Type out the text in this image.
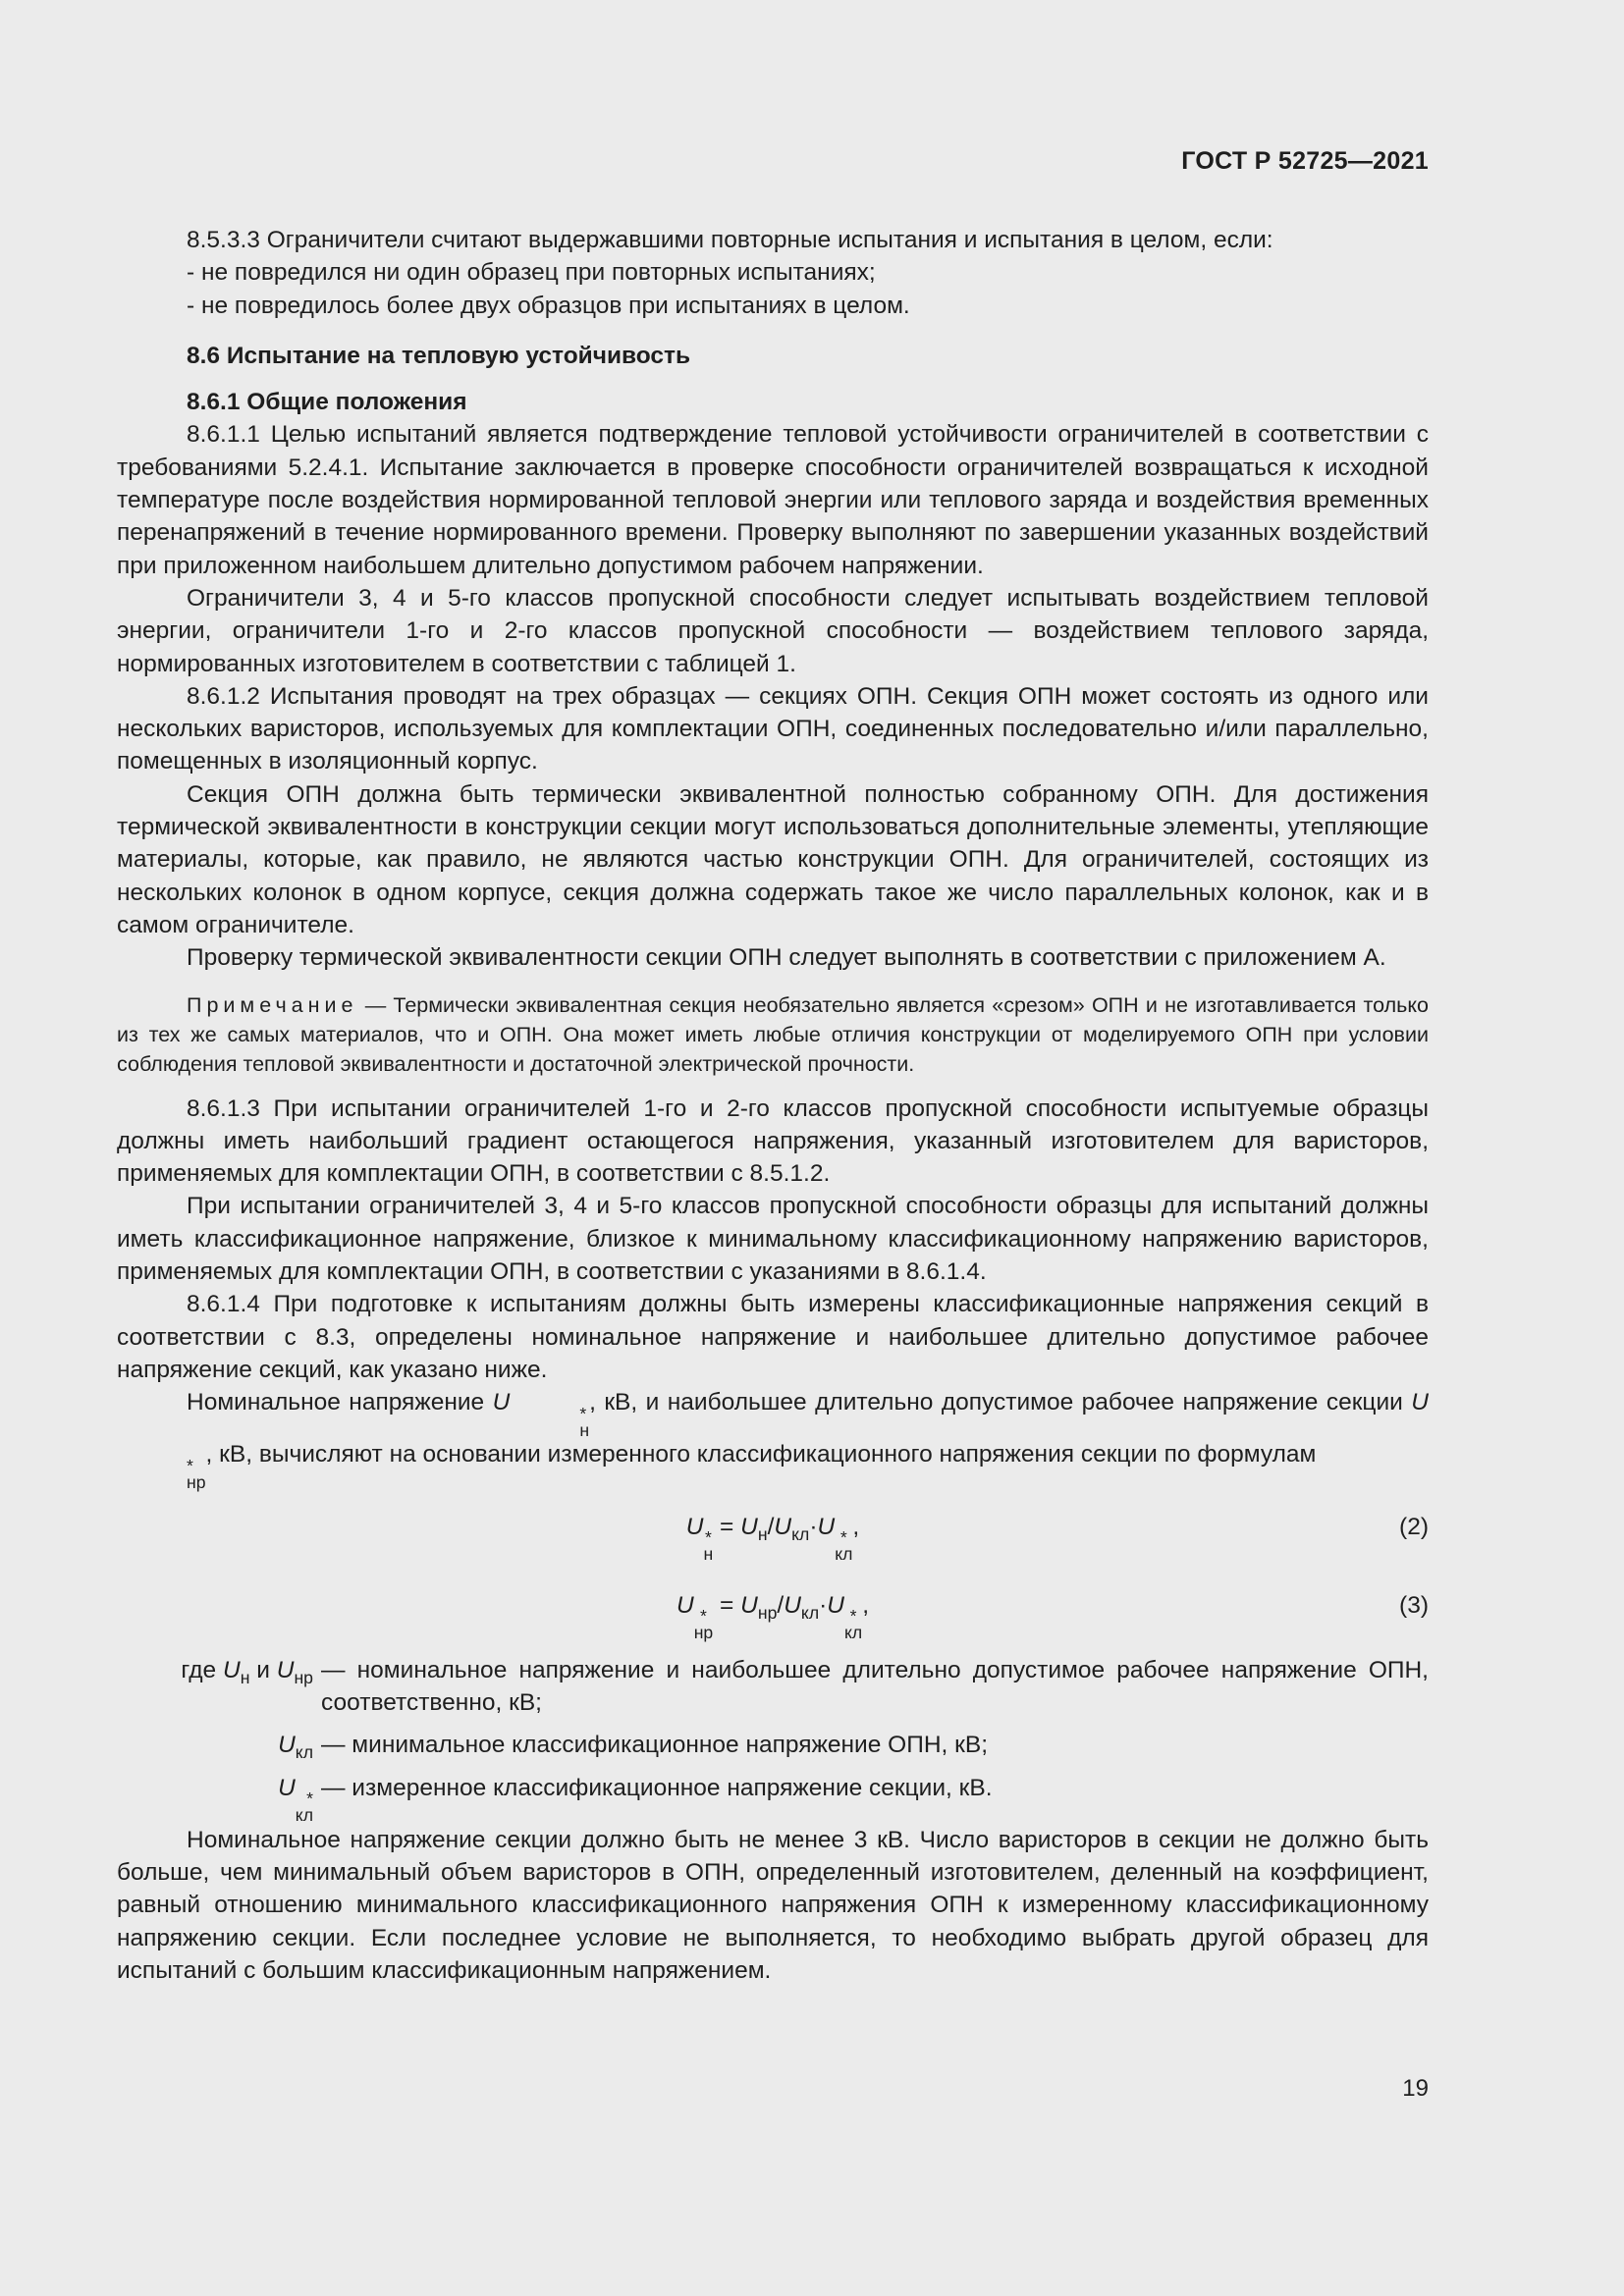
ГОСТ Р 52725—2021

8.5.3.3 Ограничители считают выдержавшими повторные испытания и испытания в целом, если:

- не повредился ни один образец при повторных испытаниях;

- не повредилось более двух образцов при испытаниях в целом.

8.6 Испытание на тепловую устойчивость

8.6.1 Общие положения

8.6.1.1 Целью испытаний является подтверждение тепловой устойчивости ограничителей в соответствии с требованиями 5.2.4.1. Испытание заключается в проверке способности ограничителей возвращаться к исходной температуре после воздействия нормированной тепловой энергии или теплового заряда и воздействия временных перенапряжений в течение нормированного времени. Проверку выполняют по завершении указанных воздействий при приложенном наибольшем длительно допустимом рабочем напряжении.

Ограничители 3, 4 и 5-го классов пропускной способности следует испытывать воздействием тепловой энергии, ограничители 1-го и 2-го классов пропускной способности — воздействием теплового заряда, нормированных изготовителем в соответствии с таблицей 1.

8.6.1.2 Испытания проводят на трех образцах — секциях ОПН. Секция ОПН может состоять из одного или нескольких варисторов, используемых для комплектации ОПН, соединенных последовательно и/или параллельно, помещенных в изоляционный корпус.

Секция ОПН должна быть термически эквивалентной полностью собранному ОПН. Для достижения термической эквивалентности в конструкции секции могут использоваться дополнительные элементы, утепляющие материалы, которые, как правило, не являются частью конструкции ОПН. Для ограничителей, состоящих из нескольких колонок в одном корпусе, секция должна содержать такое же число параллельных колонок, как и в самом ограничителе.

Проверку термической эквивалентности секции ОПН следует выполнять в соответствии с приложением А.

Примечание — Термически эквивалентная секция необязательно является «срезом» ОПН и не изготавливается только из тех же самых материалов, что и ОПН. Она может иметь любые отличия конструкции от моделируемого ОПН при условии соблюдения тепловой эквивалентности и достаточной электрической прочности.

8.6.1.3 При испытании ограничителей 1-го и 2-го классов пропускной способности испытуемые образцы должны иметь наибольший градиент остающегося напряжения, указанный изготовителем для варисторов, применяемых для комплектации ОПН, в соответствии с 8.5.1.2.

При испытании ограничителей 3, 4 и 5-го классов пропускной способности образцы для испытаний должны иметь классификационное напряжение, близкое к минимальному классификационному напряжению варисторов, применяемых для комплектации ОПН, в соответствии с указаниями в 8.6.1.4.

8.6.1.4 При подготовке к испытаниям должны быть измерены классификационные напряжения секций в соответствии с 8.3, определены номинальное напряжение и наибольшее длительно допустимое рабочее напряжение секций, как указано ниже.

Номинальное напряжение U	*
н
, кВ, и наибольшее длительно допустимое рабочее напряжение секции U
*
нр
, кВ, вычисляют на основании измеренного классификационного напряжения секции по формулам

U *
н
= $U_н/U_{кл}\cdot U$ *
кл
,	(2)
U *
нр
= $U_{нр}/U_{кл}\cdot U$ *
кл
,	(3)
где $U_н$ и $U_{нр}$ — номинальное напряжение и наибольшее длительно допустимое рабочее напряжение ОПН, соответственно, кВ;
$U_{кл}$ — минимальное классификационное напряжение ОПН, кВ;
U *
кл
— измеренное классификационное напряжение секции, кВ.

Номинальное напряжение секции должно быть не менее 3 кВ. Число варисторов в секции не должно быть больше, чем минимальный объем варисторов в ОПН, определенный изготовителем, деленный на коэффициент, равный отношению минимального классификационного напряжения ОПН к измеренному классификационному напряжению секции. Если последнее условие не выполняется, то необходимо выбрать другой образец для испытаний с большим классификационным напряжением.

19
